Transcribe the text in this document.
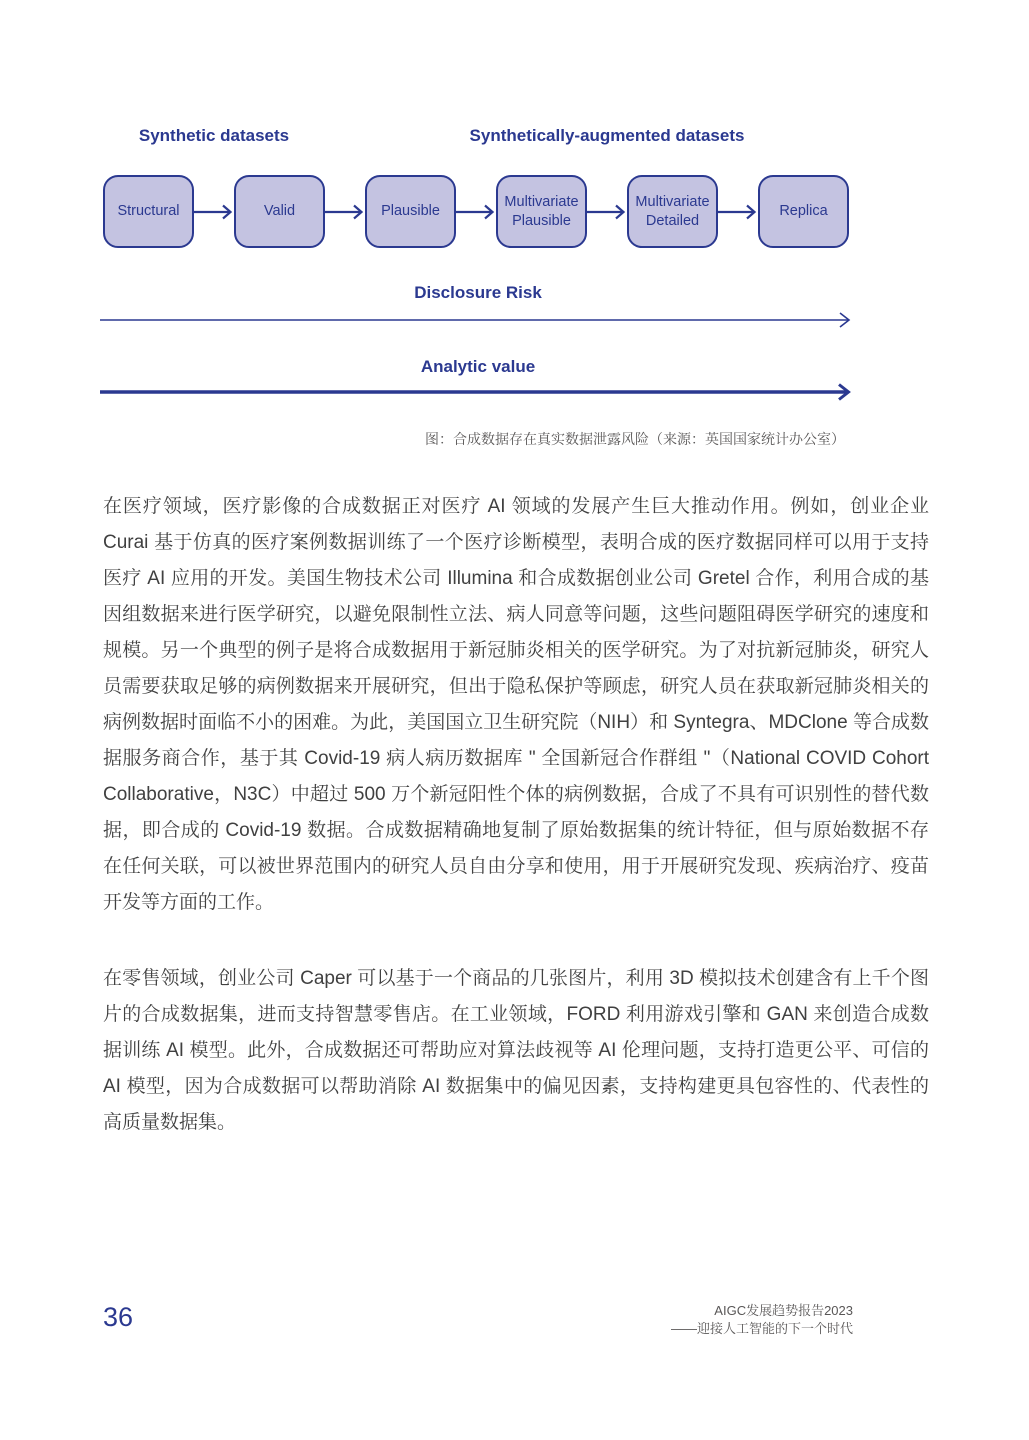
Synthetic datasets	Synthetically-augmented datasets
Structural	Valid	Plausible
Multivariate Plausible
Multivariate Detailed
Replica
Disclosure Risk
Analytic value
图：合成数据存在真实数据泄露风险（来源：英国国家统计办公室）

在医疗领域，医疗影像的合成数据正对医疗 AI 领域的发展产生巨大推动作用。例如，创业企业 Curai 基于仿真的医疗案例数据训练了一个医疗诊断模型，表明合成的医疗数据同样可以用于支持医疗 AI 应用的开发。美国生物技术公司 Illumina 和合成数据创业公司 Gretel 合作，利用合成的基因组数据来进行医学研究，以避免限制性立法、病人同意等问题，这些问题阻碍医学研究的速度和规模。另一个典型的例子是将合成数据用于新冠肺炎相关的医学研究。为了对抗新冠肺炎，研究人员需要获取足够的病例数据来开展研究，但出于隐私保护等顾虑，研究人员在获取新冠肺炎相关的病例数据时面临不小的困难。为此，美国国立卫生研究院（NIH）和 Syntegra、MDClone 等合成数据服务商合作，基于其 Covid-19 病人病历数据库 " 全国新冠合作群组 "（National COVID Cohort Collaborative，N3C）中超过 500 万个新冠阳性个体的病例数据，合成了不具有可识别性的替代数据，即合成的 Covid-19 数据。合成数据精确地复制了原始数据集的统计特征，但与原始数据不存在任何关联，可以被世界范围内的研究人员自由分享和使用，用于开展研究发现、疾病治疗、疫苗开发等方面的工作。

在零售领域，创业公司 Caper 可以基于一个商品的几张图片，利用 3D 模拟技术创建含有上千个图片的合成数据集，进而支持智慧零售店。在工业领域，FORD 利用游戏引擎和 GAN 来创造合成数据训练 AI 模型。此外，合成数据还可帮助应对算法歧视等 AI 伦理问题，支持打造更公平、可信的 AI 模型，因为合成数据可以帮助消除 AI 数据集中的偏见因素，支持构建更具包容性的、代表性的高质量数据集。

36	AIGC发展趋势报告2023
——迎接人工智能的下一个时代
